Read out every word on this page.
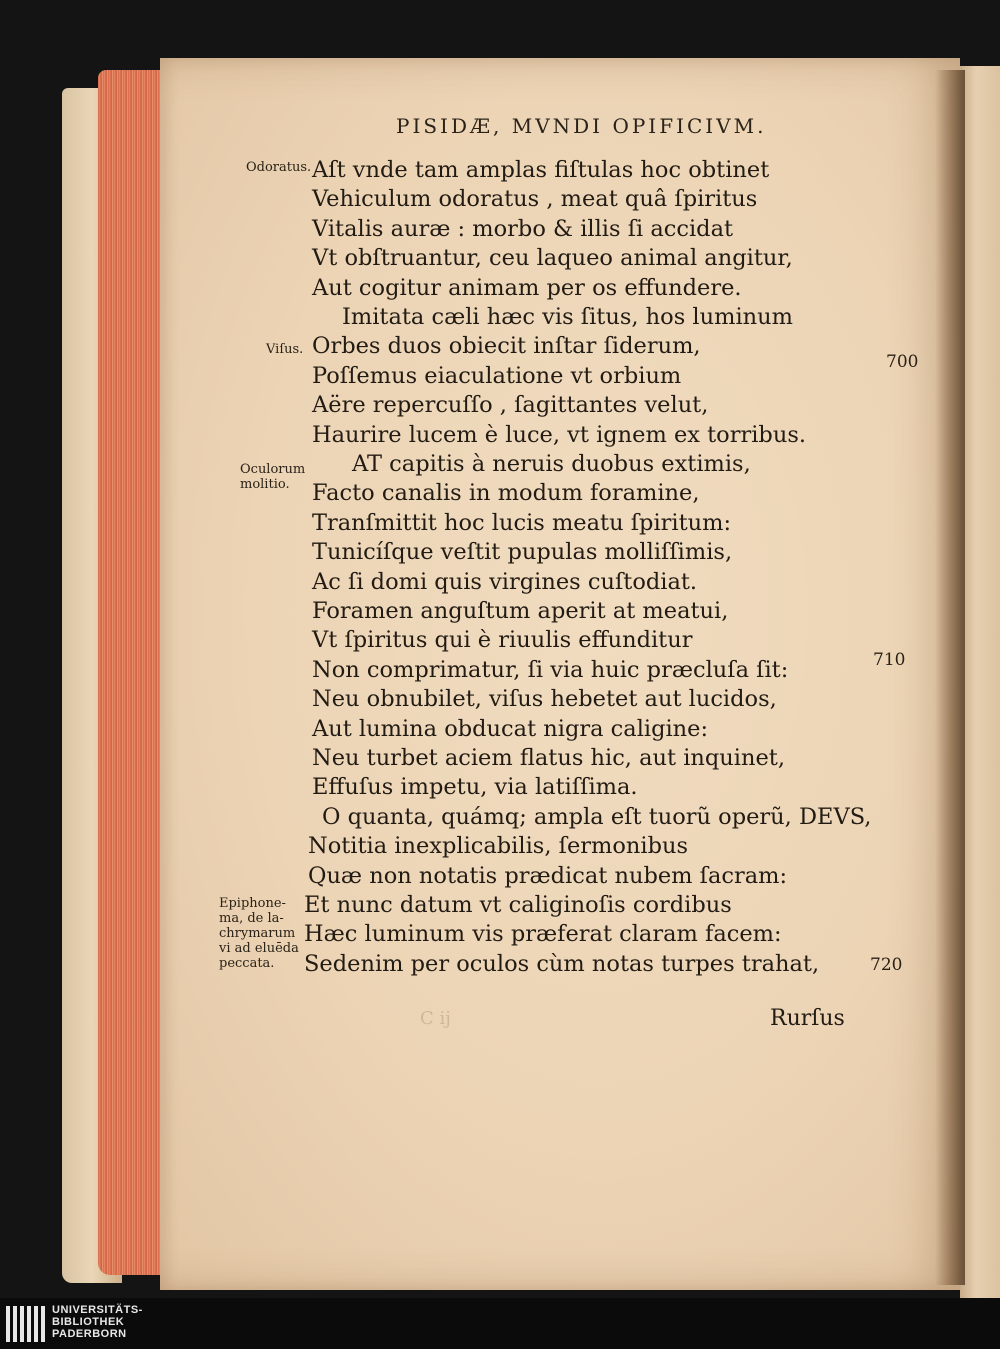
PISIDÆ, MVNDI OPIFICIVM.
Odoratus.
Viſus.
Oculorum
molitio.
Epiphone-
ma, de la-
chrymarum
vi ad eluēda
peccata.
700
710
720
Aſt vnde tam amplas fiſtulas hoc obtinet
Vehiculum odoratus , meat quâ ſpiritus
Vitalis auræ : morbo & illis ſi accidat
Vt obſtruantur, ceu laqueo animal angitur,
Aut cogitur animam per os effundere.
Imitata cæli hæc vis ſitus, hos luminum
Orbes duos obiecit inſtar ſiderum,
Poſſemus eiaculatione vt orbium
Aëre repercuſſo , ſagittantes velut,
Haurire lucem è luce, vt ignem ex torribus.
AT capitis à neruis duobus extimis,
Facto canalis in modum foramine,
Tranſmittit hoc lucis meatu ſpiritum:
Tunicíſque veſtit pupulas molliſſimis,
Ac ſi domi quis virgines cuſtodiat.
Foramen anguſtum aperit at meatui,
Vt ſpiritus qui è riuulis effunditur
Non comprimatur, ſi via huic præcluſa ſit:
Neu obnubilet, viſus hebetet aut lucidos,
Aut lumina obducat nigra caligine:
Neu turbet aciem flatus hic, aut inquinet,
Effuſus impetu, via latiſſima.
O quanta, quámq; ampla eſt tuorũ operũ, DEVS,
Notitia inexplicabilis, ſermonibus
Quæ non notatis prædicat nubem ſacram:
Et nunc datum vt caliginoſis cordibus
Hæc luminum vis præferat claram facem:
Sedenim per oculos cùm notas turpes trahat,
Rurſus
C ij
UNIVERSITÄTS-
BIBLIOTHEK
PADERBORN
